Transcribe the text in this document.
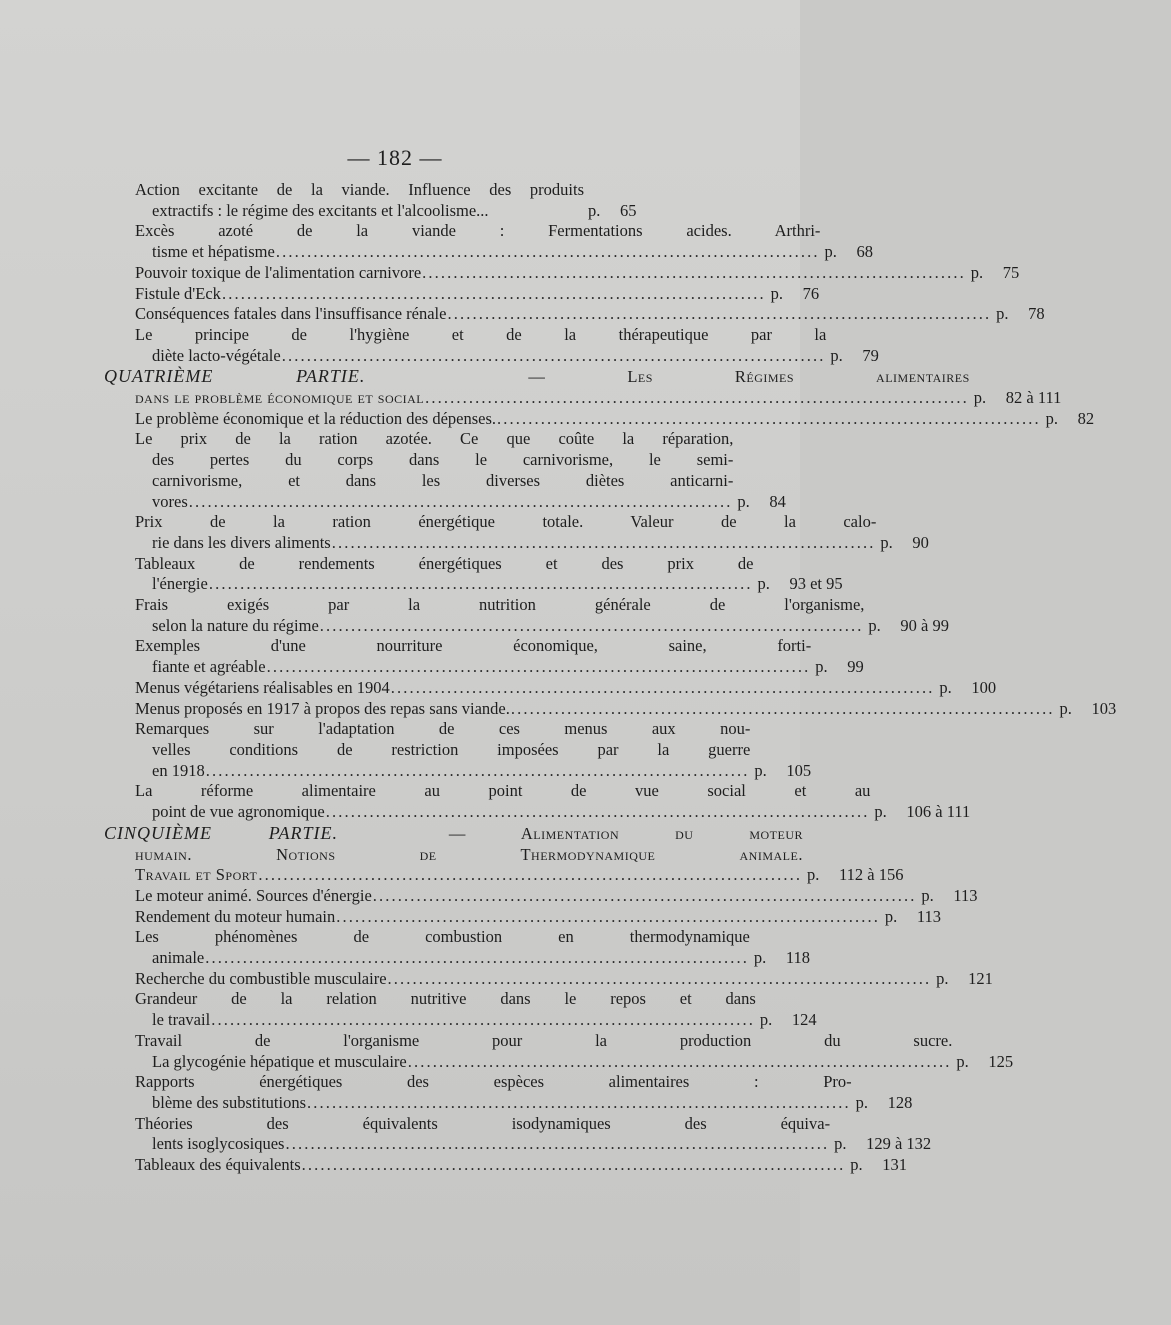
— 182 —
Action excitante de la viande. Influence des produits
extractifs : le régime des excitants et l'alcoolisme...	p.	65
Excès azoté de la viande : Fermentations acides. Arthri-
tisme et hépatisme . . .	p.	68
Pouvoir toxique de l'alimentation carnivore . . .	p.	75
Fistule d'Eck . . .	p.	76
Conséquences fatales dans l'insuffisance rénale . . .	p.	78
Le principe de l'hygiène et de la thérapeutique par la
diète lacto-végétale . . .	p.	79
QUATRIÈME PARTIE.	— Les Régimes alimentaires
dans le problème économique et social . . .	p.	82 à 111
Le problème économique et la réduction des dépenses. . . .	p.	82
Le prix de la ration azotée. Ce que coûte la réparation,
des pertes du corps dans le carnivorisme, le semi-
carnivorisme, et dans les diverses diètes anticarni-
vores . . .	p.	84
Prix de la ration énergétique totale. Valeur de la calo-
rie dans les divers aliments . . .	p.	90
Tableaux de rendements énergétiques et des prix de
l'énergie . . .	p.	93 et 95
Frais exigés par la nutrition générale de l'organisme,
selon la nature du régime . . .	p.	90 à 99
Exemples d'une nourriture économique, saine, forti-
fiante et agréable . . .	p.	99
Menus végétariens réalisables en 1904 . . .	p.	100
Menus proposés en 1917 à propos des repas sans viande. . . .	p.	103
Remarques sur l'adaptation de ces menus aux nou-
velles conditions de restriction imposées par la guerre
en 1918 . . .	p.	105
La réforme alimentaire au point de vue social et au
point de vue agronomique . . .	p.	106 à 111
CINQUIÈME PARTIE.	— Alimentation du moteur
humain. Notions de Thermodynamique animale.
Travail et Sport . . .	p.	112 à 156
Le moteur animé. Sources d'énergie . . .	p.	113
Rendement du moteur humain . . .	p.	113
Les phénomènes de combustion en thermodynamique
animale . . .	p.	118
Recherche du combustible musculaire . . .	p.	121
Grandeur de la relation nutritive dans le repos et dans
le travail . . .	p.	124
Travail de l'organisme pour la production du sucre.
La glycogénie hépatique et musculaire . . .	p.	125
Rapports énergétiques des espèces alimentaires : Pro-
blème des substitutions . . .	p.	128
Théories des équivalents isodynamiques des équiva-
lents isoglycosiques . . .	p.	129 à 132
Tableaux des équivalents . . .	p.	131
